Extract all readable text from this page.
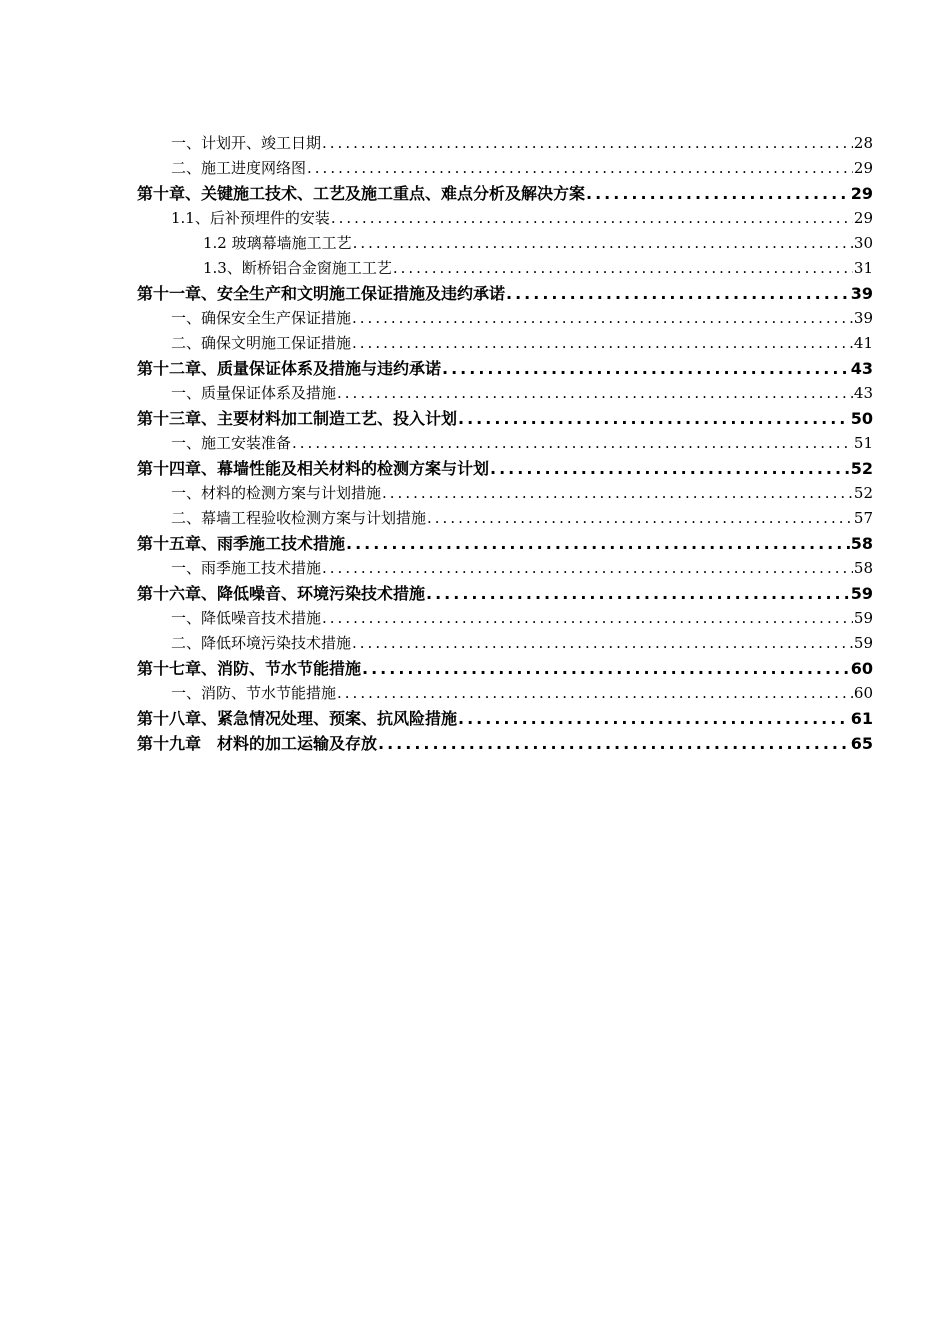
一、计划开、竣工日期 .....	28
二、施工进度网络图 .....	29
第十章、关键施工技术、工艺及施工重点、难点分析及解决方案 .....	29
1.1、后补预埋件的安装 .....	29
1.2 玻璃幕墙施工工艺 .....	30
1.3、断桥铝合金窗施工工艺 .....	31
第十一章、安全生产和文明施工保证措施及违约承诺 .....	39
一、确保安全生产保证措施 .....	39
二、确保文明施工保证措施 .....	41
第十二章、质量保证体系及措施与违约承诺 .....	43
一、质量保证体系及措施 .....	43
第十三章、主要材料加工制造工艺、投入计划 .....	50
一、施工安装准备 .....	51
第十四章、幕墙性能及相关材料的检测方案与计划 .....	52
一、材料的检测方案与计划措施 .....	52
二、幕墙工程验收检测方案与计划措施 .....	57
第十五章、雨季施工技术措施 .....	58
一、雨季施工技术措施 .....	58
第十六章、降低噪音、环境污染技术措施 .....	59
一、降低噪音技术措施 .....	59
二、降低环境污染技术措施 .....	59
第十七章、消防、节水节能措施 .....	60
一、消防、节水节能措施 .....	60
第十八章、紧急情况处理、预案、抗风险措施 .....	61
第十九章　材料的加工运输及存放 .....	65
